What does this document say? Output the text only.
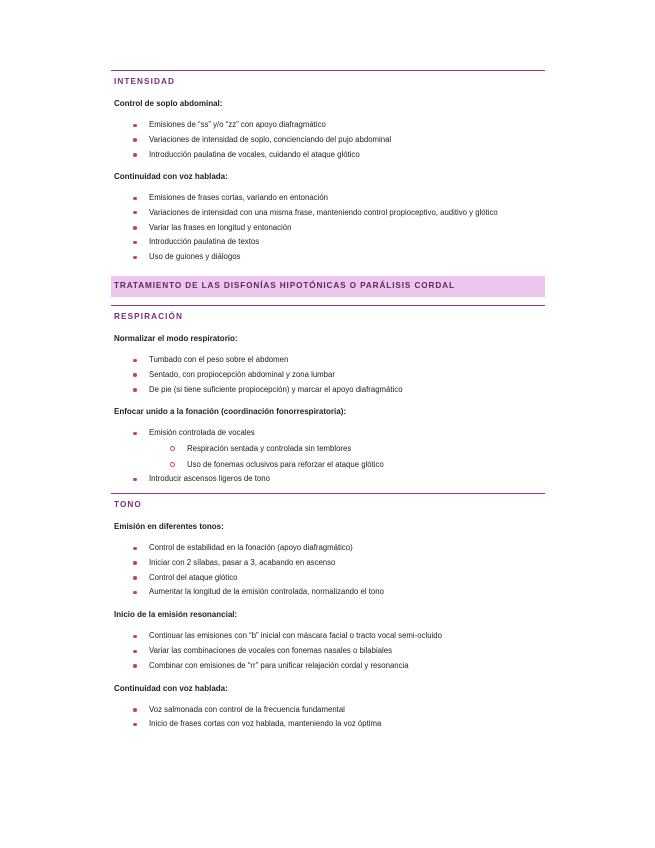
INTENSIDAD
Control de soplo abdominal:
Emisiones de “ss” y/o “zz” con apoyo diafragmático
Variaciones de intensidad de soplo, concienciando del pujo abdominal
Introducción paulatina de vocales, cuidando el ataque glótico
Continuidad con voz hablada:
Emisiones de frases cortas, variando en entonación
Variaciones de intensidad con una misma frase, manteniendo control propioceptivo, auditivo y glótico
Variar las frases en longitud y entonación
Introducción paulatina de textos
Uso de guiones y diálogos
TRATAMIENTO DE LAS DISFONÍAS HIPOTÓNICAS O PARÁLISIS CORDAL
RESPIRACIÓN
Normalizar el modo respiratorio:
Tumbado con el peso sobre el abdomen
Sentado, con propiocepción abdominal y zona lumbar
De pie (si tiene suficiente propiocepción) y marcar el apoyo diafragmático
Enfocar unido a la fonación (coordinación fonorrespiratoria):
Emisión controlada de vocales
Respiración sentada y controlada sin temblores
Uso de fonemas oclusivos para reforzar el ataque glótico
Introducir ascensos ligeros de tono
TONO
Emisión en diferentes tonos:
Control de estabilidad en la fonación (apoyo diafragmático)
Iniciar con 2 sílabas, pasar a 3, acabando en ascenso
Control del ataque glótico
Aumentar la longitud de la emisión controlada, normalizando el tono
Inicio de la emisión resonancial:
Continuar las emisiones con “b” inicial con máscara facial o tracto vocal semi-ocluido
Variar las combinaciones de vocales con fonemas nasales o bilabiales
Combinar con emisiones de “rr” para unificar relajación cordal y resonancia
Continuidad con voz hablada:
Voz salmonada con control de la frecuencia fundamental
Inicio de frases cortas con voz hablada, manteniendo la voz óptima
